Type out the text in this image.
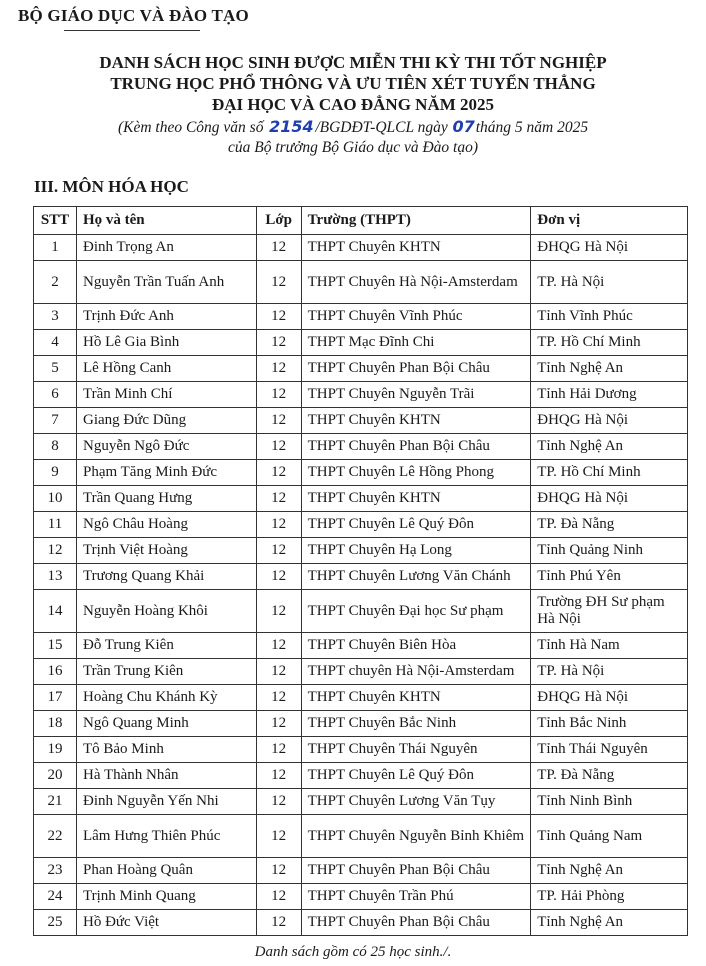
BỘ GIÁO DỤC VÀ ĐÀO TẠO
DANH SÁCH HỌC SINH ĐƯỢC MIỄN THI KỲ THI TỐT NGHIỆP
TRUNG HỌC PHỔ THÔNG VÀ ƯU TIÊN XÉT TUYỂN THẲNG
ĐẠI HỌC VÀ CAO ĐẲNG NĂM 2025
(Kèm theo Công văn số 2154 /BGDĐT-QLCL ngày 07tháng 5 năm 2025
của Bộ trưởng Bộ Giáo dục và Đào tạo)
III. MÔN HÓA HỌC
STT	Họ và tên	Lớp	Trường (THPT)	Đơn vị
1	Đinh Trọng An	12	THPT Chuyên KHTN	ĐHQG Hà Nội
2	Nguyễn Trần Tuấn Anh	12	THPT Chuyên Hà Nội-Amsterdam	TP. Hà Nội
3	Trịnh Đức Anh	12	THPT Chuyên Vĩnh Phúc	Tỉnh Vĩnh Phúc
4	Hồ Lê Gia Bình	12	THPT Mạc Đĩnh Chi	TP. Hồ Chí Minh
5	Lê Hồng Canh	12	THPT Chuyên Phan Bội Châu	Tỉnh Nghệ An
6	Trần Minh Chí	12	THPT Chuyên Nguyễn Trãi	Tỉnh Hải Dương
7	Giang Đức Dũng	12	THPT Chuyên KHTN	ĐHQG Hà Nội
8	Nguyễn Ngô Đức	12	THPT Chuyên Phan Bội Châu	Tỉnh Nghệ An
9	Phạm Tăng Minh Đức	12	THPT Chuyên Lê Hồng Phong	TP. Hồ Chí Minh
10	Trần Quang Hưng	12	THPT Chuyên KHTN	ĐHQG Hà Nội
11	Ngô Châu Hoàng	12	THPT Chuyên Lê Quý Đôn	TP. Đà Nẵng
12	Trịnh Việt Hoàng	12	THPT Chuyên Hạ Long	Tỉnh Quảng Ninh
13	Trương Quang Khải	12	THPT Chuyên Lương Văn Chánh	Tỉnh Phú Yên
14	Nguyễn Hoàng Khôi	12	THPT Chuyên Đại học Sư phạm	Trường ĐH Sư phạm Hà Nội
15	Đỗ Trung Kiên	12	THPT Chuyên Biên Hòa	Tỉnh Hà Nam
16	Trần Trung Kiên	12	THPT chuyên Hà Nội-Amsterdam	TP. Hà Nội
17	Hoàng Chu Khánh Kỳ	12	THPT Chuyên KHTN	ĐHQG Hà Nội
18	Ngô Quang Minh	12	THPT Chuyên Bắc Ninh	Tỉnh Bắc Ninh
19	Tô Bảo Minh	12	THPT Chuyên Thái Nguyên	Tỉnh Thái Nguyên
20	Hà Thành Nhân	12	THPT Chuyên Lê Quý Đôn	TP. Đà Nẵng
21	Đinh Nguyễn Yến Nhi	12	THPT Chuyên Lương Văn Tụy	Tỉnh Ninh Bình
22	Lâm Hưng Thiên Phúc	12	THPT Chuyên Nguyễn Bỉnh Khiêm	Tỉnh Quảng Nam
23	Phan Hoàng Quân	12	THPT Chuyên Phan Bội Châu	Tỉnh Nghệ An
24	Trịnh Minh Quang	12	THPT Chuyên Trần Phú	TP. Hải Phòng
25	Hồ Đức Việt	12	THPT Chuyên Phan Bội Châu	Tỉnh Nghệ An
Danh sách gồm có 25 học sinh./.
